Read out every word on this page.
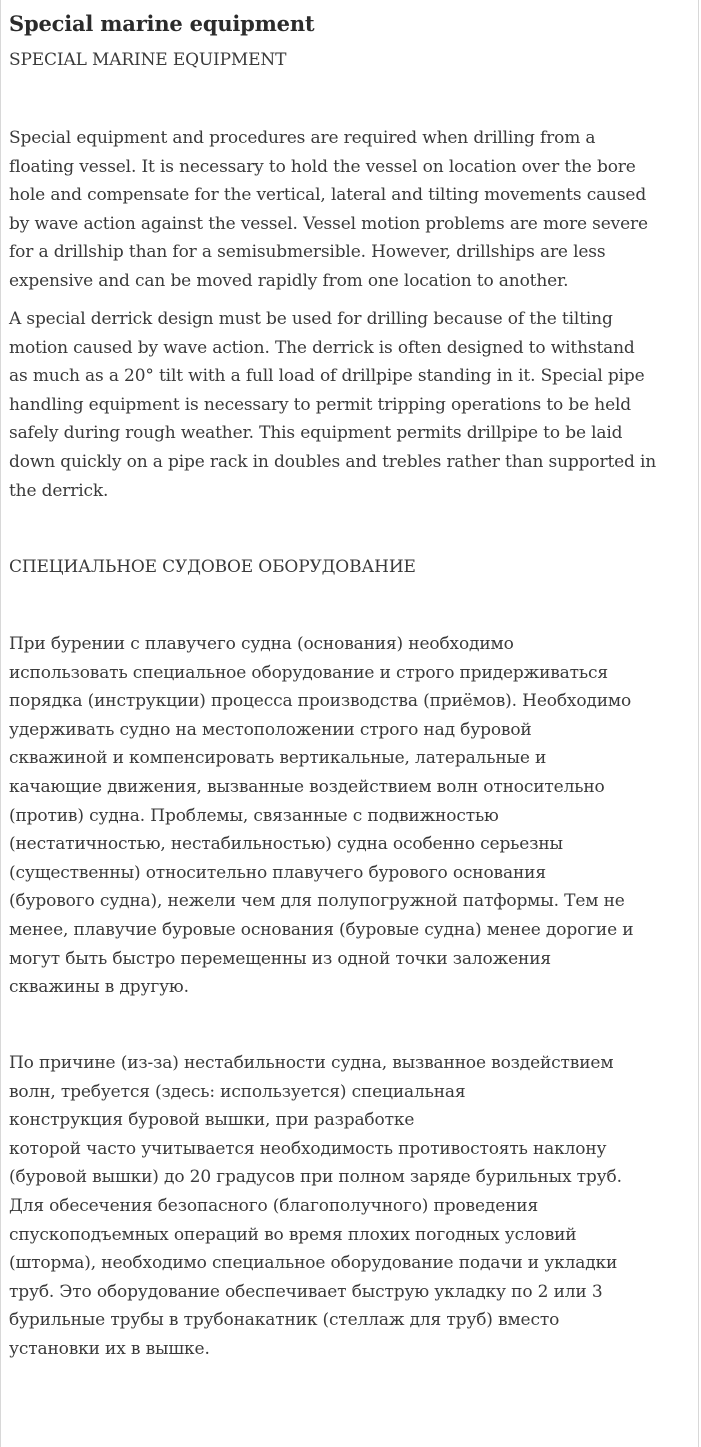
Special marine equipment
SPECIAL MARINE EQUIPMENT
Special equipment and procedures are required when drilling from a
floating vessel. It is necessary to hold the vessel on location over the bore
hole and compensate for the vertical, lateral and tilting movements caused
by wave action against the vessel. Vessel motion problems are more severe
for a drillship than for a semisubmersible. However, drillships are less
expensive and can be moved rapidly from one location to another.
A special derrick design must be used for drilling because of the tilting
motion caused by wave action. The derrick is often designed to withstand
as much as a 20° tilt with a full load of drillpipe standing in it. Special pipe
handling equipment is necessary to permit tripping operations to be held
safely during rough weather. This equipment permits drillpipe to be laid
down quickly on a pipe rack in doubles and trebles rather than supported in
the derrick.
СПЕЦИАЛЬНОЕ СУДОВОЕ ОБОРУДОВАНИЕ
При бурении с плавучего судна (основания) необходимо
использовать специальное оборудование и строго придерживаться
порядка (инструкции) процесса производства (приёмов). Необходимо
удерживать судно на местоположении строго над буровой
скважиной и компенсировать вертикальные, латеральные и
качающие движения, вызванные воздействием волн относительно
(против) судна. Проблемы, связанные с подвижностью
(нестатичностью, нестабильностью) судна особенно серьезны
(существенны) относительно плавучего бурового основания
(бурового судна), нежели чем для полупогружной патформы. Тем не
менее, плавучие буровые основания (буровые судна) менее дорогие и
могут быть быстро перемещенны из одной точки заложения
скважины в другую.
По причине (из-за) нестабильности судна, вызванное воздействием
волн, требуется (здесь: используется) специальная
конструкция буровой вышки, при разработке
которой часто учитывается необходимость противостоять наклону
(буровой вышки) до 20 градусов при полном заряде бурильных труб.
Для обесечения безопасного (благополучного) проведения
спускоподъемных операций во время плохих погодных условий
(шторма), необходимо специальное оборудование подачи и укладки
труб. Это оборудование обеспечивает быструю укладку по 2 или 3
бурильные трубы в трубонакатник (стеллаж для труб) вместо
установки их в вышке.
